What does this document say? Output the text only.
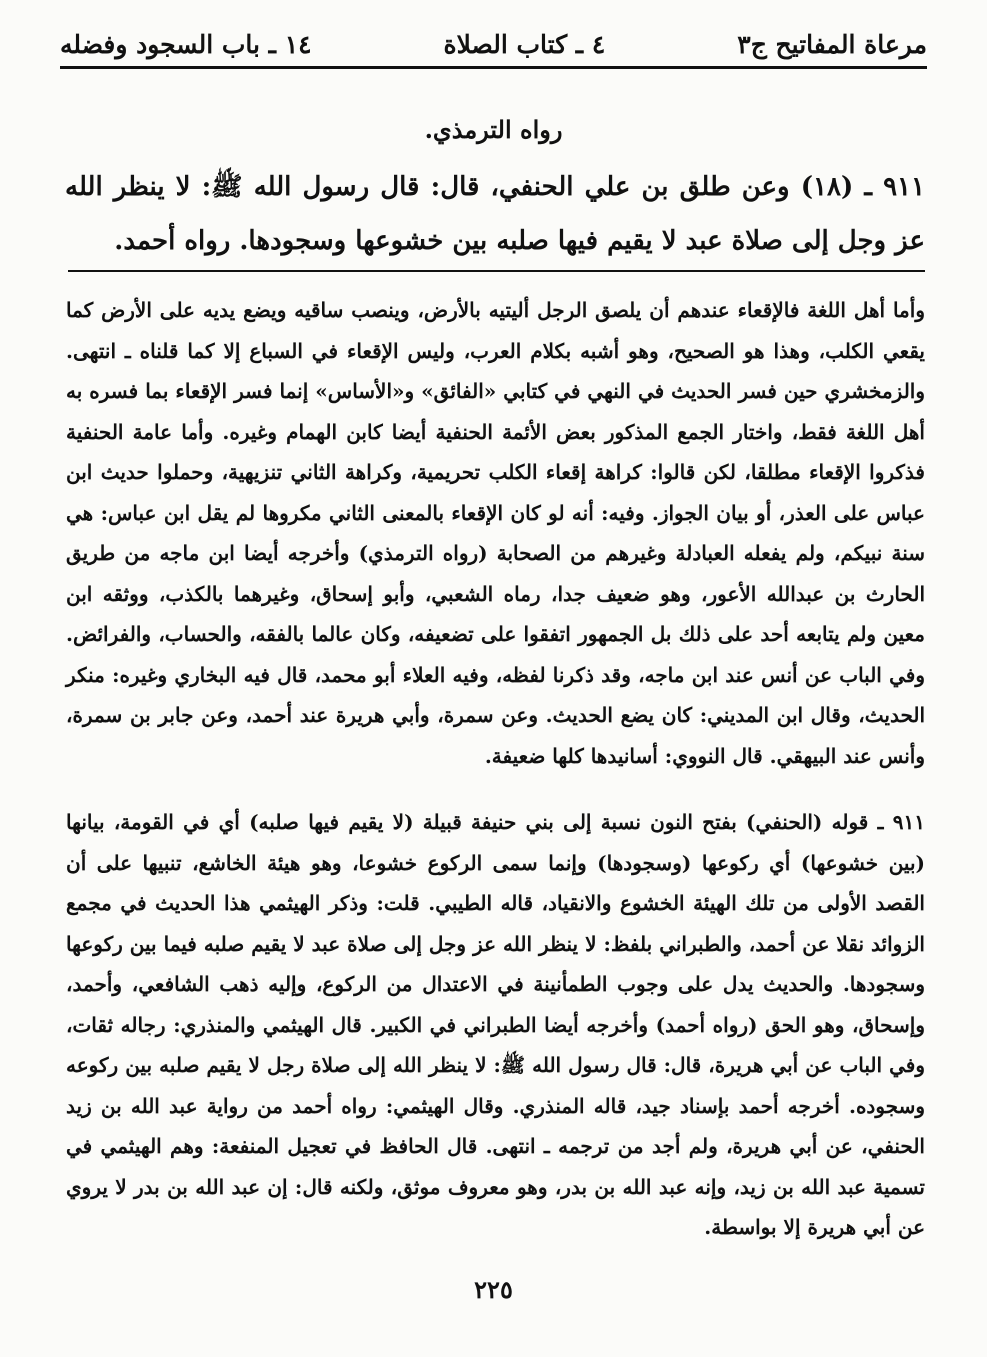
مرعاة المفاتيح ج٣
٤ ـ كتاب الصلاة
١٤ ـ باب السجود وفضله
رواه الترمذي.
٩١١ ـ (١٨) وعن طلق بن علي الحنفي، قال: قال رسول الله ﷺ: لا ينظر الله عز وجل إلى صلاة عبد لا يقيم فيها صلبه بين خشوعها وسجودها. رواه أحمد.
وأما أهل اللغة فالإقعاء عندهم أن يلصق الرجل أليتيه بالأرض، وينصب ساقيه ويضع يديه على الأرض كما يقعي الكلب، وهذا هو الصحيح، وهو أشبه بكلام العرب، وليس الإقعاء في السباع إلا كما قلناه ـ انتهى. والزمخشري حين فسر الحديث في النهي في كتابي «الفائق» و«الأساس» إنما فسر الإقعاء بما فسره به أهل اللغة فقط، واختار الجمع المذكور بعض الأئمة الحنفية أيضا كابن الهمام وغيره. وأما عامة الحنفية فذكروا الإقعاء مطلقا، لكن قالوا: كراهة إقعاء الكلب تحريمية، وكراهة الثاني تنزيهية، وحملوا حديث ابن عباس على العذر، أو بيان الجواز. وفيه: أنه لو كان الإقعاء بالمعنى الثاني مكروها لم يقل ابن عباس: هي سنة نبيكم، ولم يفعله العبادلة وغيرهم من الصحابة (رواه الترمذي) وأخرجه أيضا ابن ماجه من طريق الحارث بن عبدالله الأعور، وهو ضعيف جدا، رماه الشعبي، وأبو إسحاق، وغيرهما بالكذب، ووثقه ابن معين ولم يتابعه أحد على ذلك بل الجمهور اتفقوا على تضعيفه، وكان عالما بالفقه، والحساب، والفرائض. وفي الباب عن أنس عند ابن ماجه، وقد ذكرنا لفظه، وفيه العلاء أبو محمد، قال فيه البخاري وغيره: منكر الحديث، وقال ابن المديني: كان يضع الحديث. وعن سمرة، وأبي هريرة عند أحمد، وعن جابر بن سمرة، وأنس عند البيهقي. قال النووي: أسانيدها كلها ضعيفة.
٩١١ ـ قوله (الحنفي) بفتح النون نسبة إلى بني حنيفة قبيلة (لا يقيم فيها صلبه) أي في القومة، بيانها (بين خشوعها) أي ركوعها (وسجودها) وإنما سمى الركوع خشوعا، وهو هيئة الخاشع، تنبيها على أن القصد الأولى من تلك الهيئة الخشوع والانقياد، قاله الطيبي. قلت: وذكر الهيثمي هذا الحديث في مجمع الزوائد نقلا عن أحمد، والطبراني بلفظ: لا ينظر الله عز وجل إلى صلاة عبد لا يقيم صلبه فيما بين ركوعها وسجودها. والحديث يدل على وجوب الطمأنينة في الاعتدال من الركوع، وإليه ذهب الشافعي، وأحمد، وإسحاق، وهو الحق (رواه أحمد) وأخرجه أيضا الطبراني في الكبير. قال الهيثمي والمنذري: رجاله ثقات، وفي الباب عن أبي هريرة، قال: قال رسول الله ﷺ: لا ينظر الله إلى صلاة رجل لا يقيم صلبه بين ركوعه وسجوده. أخرجه أحمد بإسناد جيد، قاله المنذري. وقال الهيثمي: رواه أحمد من رواية عبد الله بن زيد الحنفي، عن أبي هريرة، ولم أجد من ترجمه ـ انتهى. قال الحافظ في تعجيل المنفعة: وهم الهيثمي في تسمية عبد الله بن زيد، وإنه عبد الله بن بدر، وهو معروف موثق، ولكنه قال: إن عبد الله بن بدر لا يروي عن أبي هريرة إلا بواسطة.
٢٢٥
